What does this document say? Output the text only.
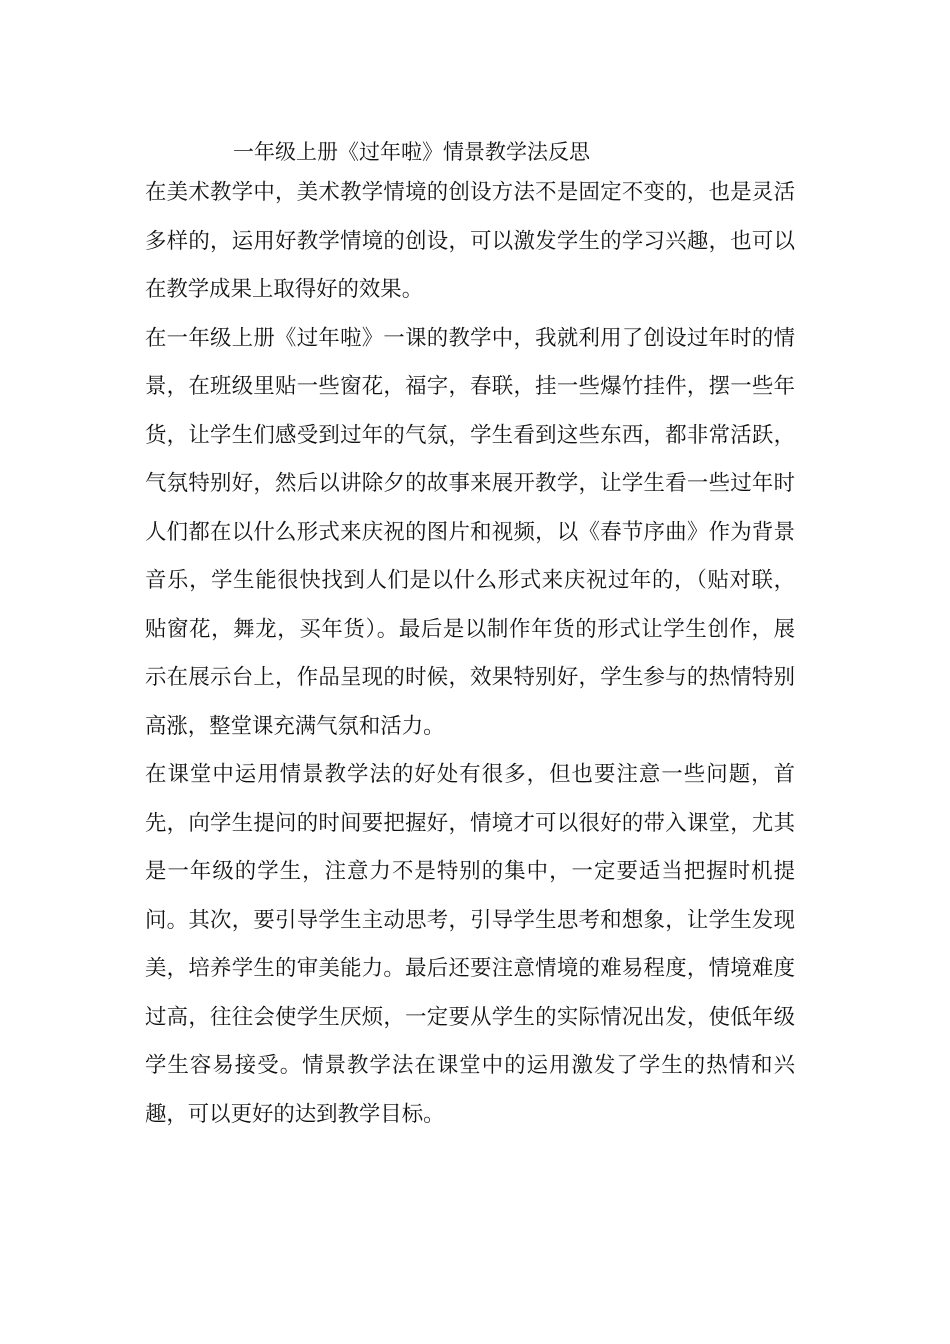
一年级上册《过年啦》情景教学法反思

在美术教学中，美术教学情境的创设方法不是固定不变的，也是灵活多样的，运用好教学情境的创设，可以激发学生的学习兴趣，也可以在教学成果上取得好的效果。

在一年级上册《过年啦》一课的教学中，我就利用了创设过年时的情景，在班级里贴一些窗花，福字，春联，挂一些爆竹挂件，摆一些年货，让学生们感受到过年的气氛，学生看到这些东西，都非常活跃，气氛特别好，然后以讲除夕的故事来展开教学，让学生看一些过年时人们都在以什么形式来庆祝的图片和视频，以《春节序曲》作为背景音乐，学生能很快找到人们是以什么形式来庆祝过年的，（贴对联，贴窗花，舞龙，买年货）。最后是以制作年货的形式让学生创作，展示在展示台上，作品呈现的时候，效果特别好，学生参与的热情特别高涨，整堂课充满气氛和活力。

在课堂中运用情景教学法的好处有很多，但也要注意一些问题，首先，向学生提问的时间要把握好，情境才可以很好的带入课堂，尤其是一年级的学生，注意力不是特别的集中，一定要适当把握时机提问。其次，要引导学生主动思考，引导学生思考和想象，让学生发现美，培养学生的审美能力。最后还要注意情境的难易程度，情境难度过高，往往会使学生厌烦，一定要从学生的实际情况出发，使低年级学生容易接受。情景教学法在课堂中的运用激发了学生的热情和兴趣，可以更好的达到教学目标。
